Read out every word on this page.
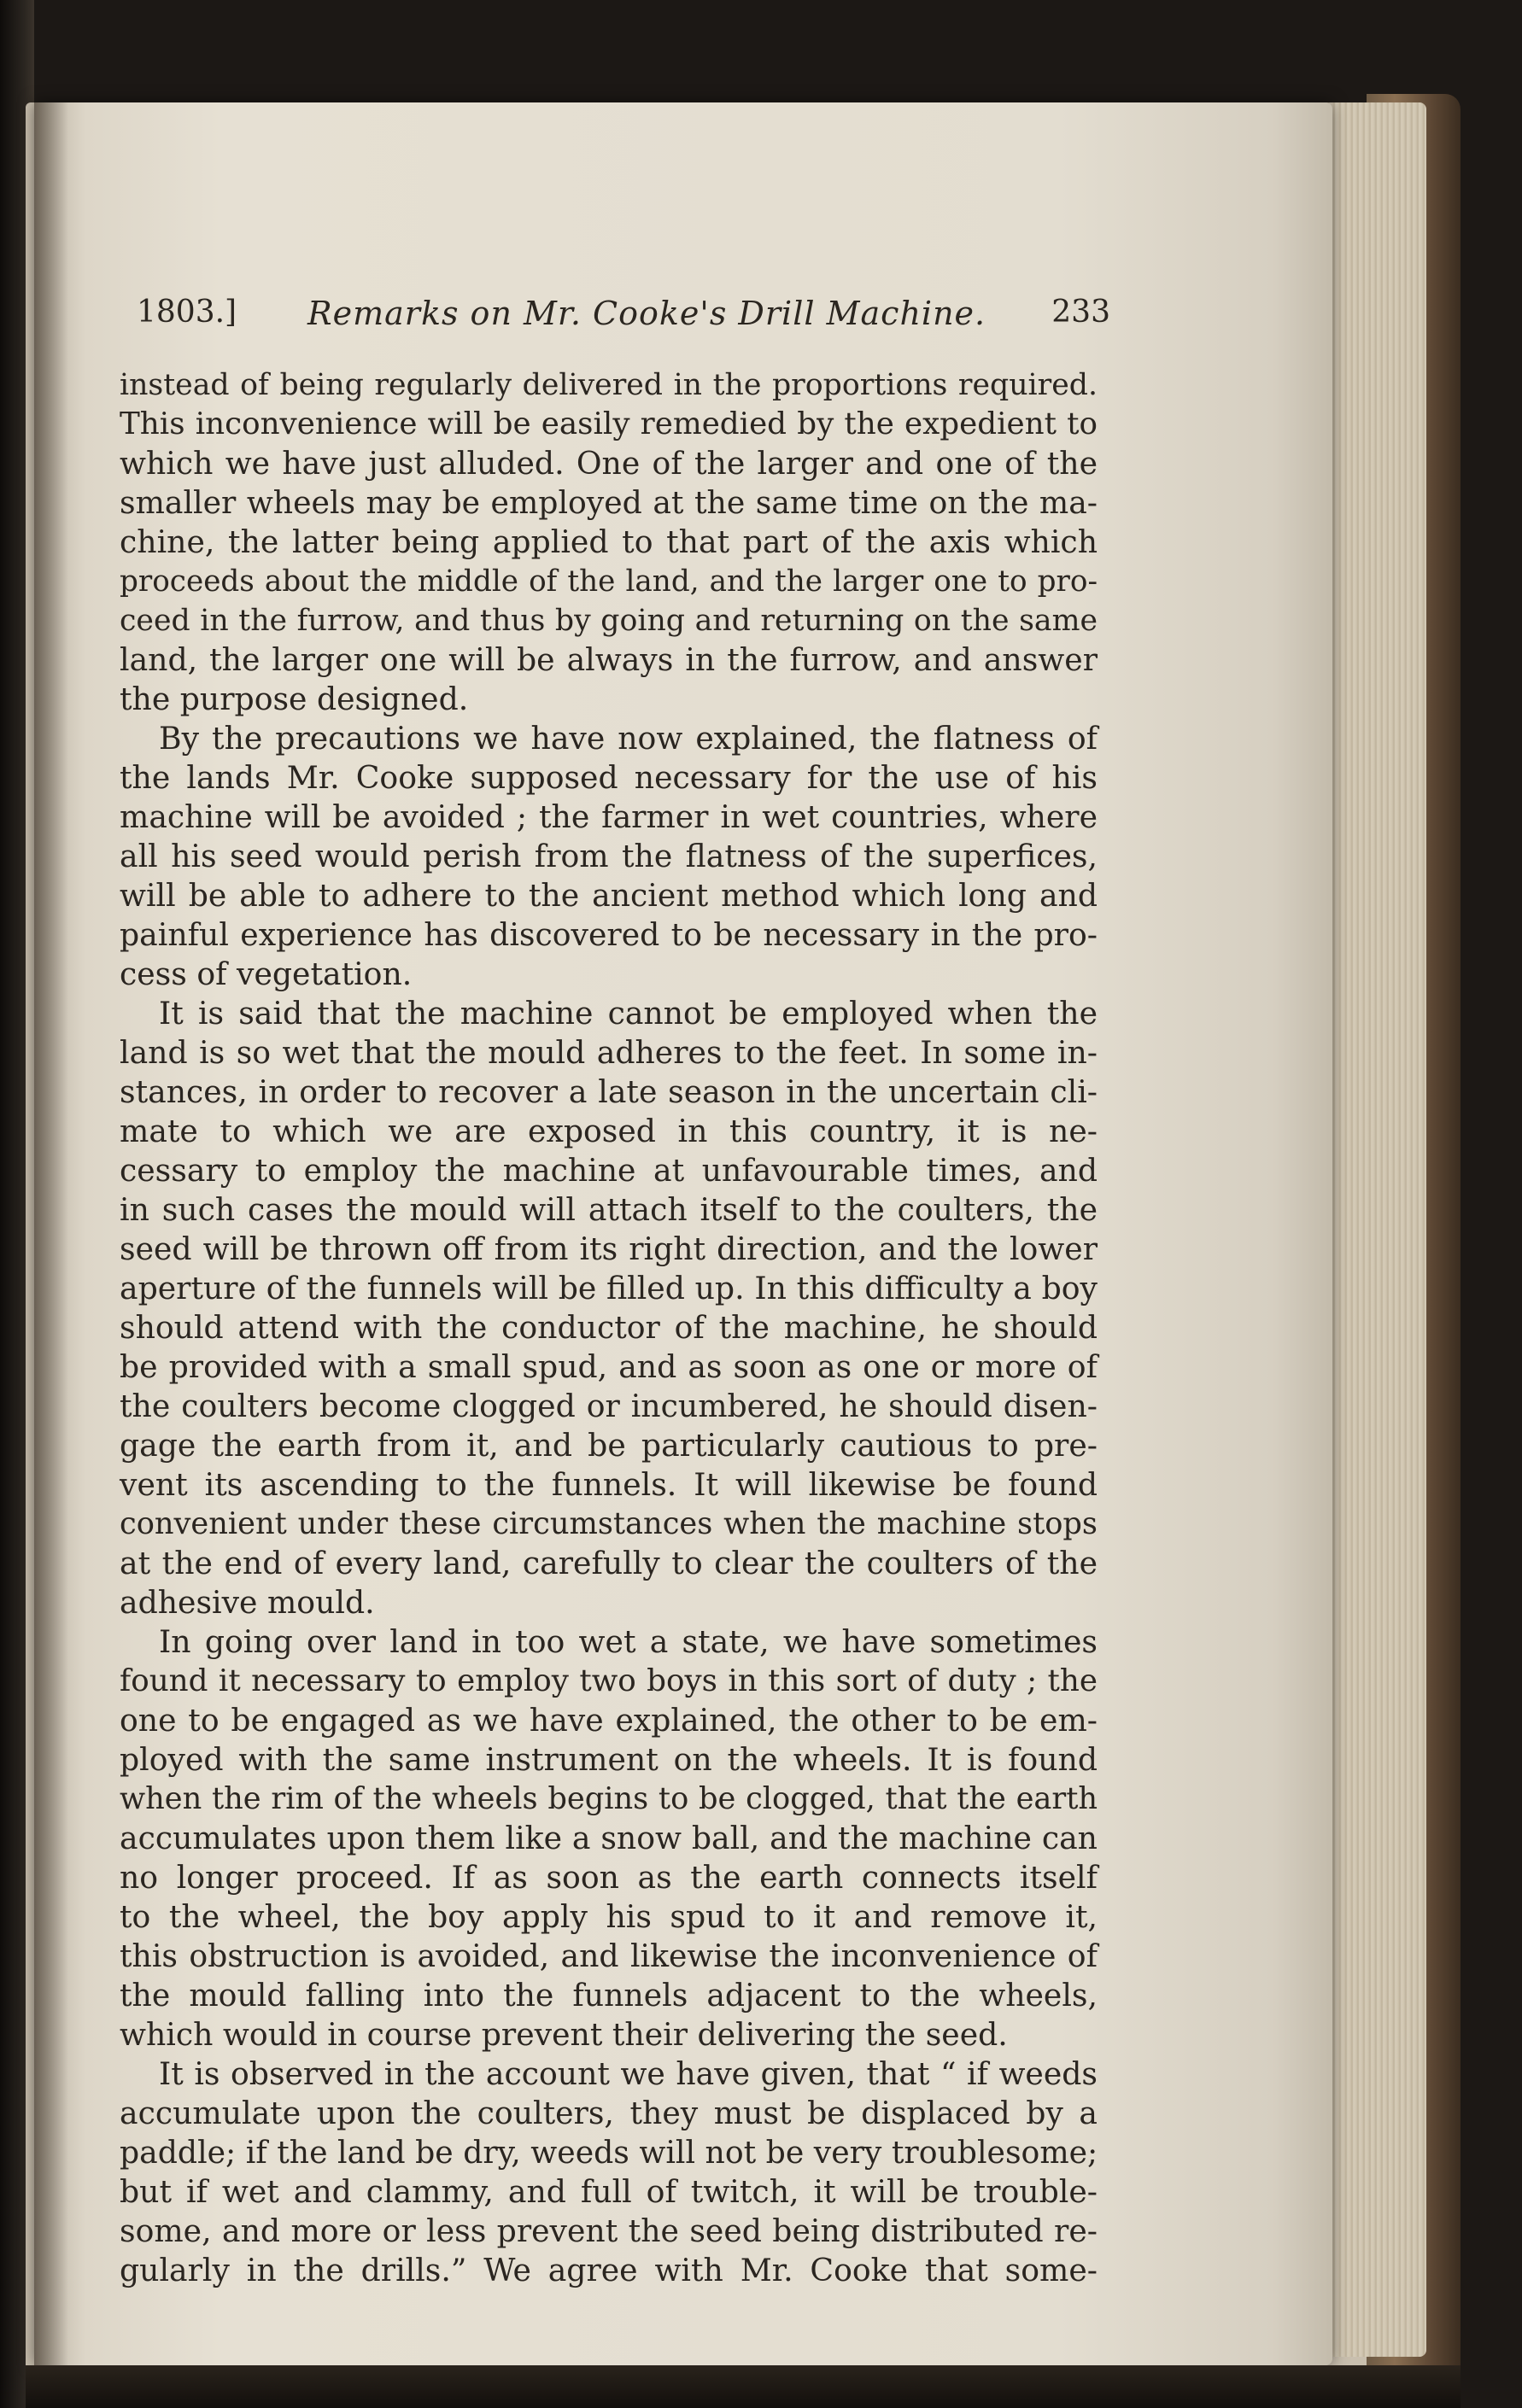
1803.] Remarks on Mr. Cooke's Drill Machine. 233
instead of being regularly delivered in the proportions required.
This inconvenience will be easily remedied by the expedient to
which we have just alluded. One of the larger and one of the
smaller wheels may be employed at the same time on the ma-
chine, the latter being applied to that part of the axis which
proceeds about the middle of the land, and the larger one to pro-
ceed in the furrow, and thus by going and returning on the same
land, the larger one will be always in the furrow, and answer
the purpose designed.
By the precautions we have now explained, the flatness of
the lands Mr. Cooke supposed necessary for the use of his
machine will be avoided ; the farmer in wet countries, where
all his seed would perish from the flatness of the superfices,
will be able to adhere to the ancient method which long and
painful experience has discovered to be necessary in the pro-
cess of vegetation.
It is said that the machine cannot be employed when the
land is so wet that the mould adheres to the feet. In some in-
stances, in order to recover a late season in the uncertain cli-
mate to which we are exposed in this country, it is ne-
cessary to employ the machine at unfavourable times, and
in such cases the mould will attach itself to the coulters, the
seed will be thrown off from its right direction, and the lower
aperture of the funnels will be filled up. In this difficulty a boy
should attend with the conductor of the machine, he should
be provided with a small spud, and as soon as one or more of
the coulters become clogged or incumbered, he should disen-
gage the earth from it, and be particularly cautious to pre-
vent its ascending to the funnels. It will likewise be found
convenient under these circumstances when the machine stops
at the end of every land, carefully to clear the coulters of the
adhesive mould.
In going over land in too wet a state, we have sometimes
found it necessary to employ two boys in this sort of duty ; the
one to be engaged as we have explained, the other to be em-
ployed with the same instrument on the wheels. It is found
when the rim of the wheels begins to be clogged, that the earth
accumulates upon them like a snow ball, and the machine can
no longer proceed. If as soon as the earth connects itself
to the wheel, the boy apply his spud to it and remove it,
this obstruction is avoided, and likewise the inconvenience of
the mould falling into the funnels adjacent to the wheels,
which would in course prevent their delivering the seed.
It is observed in the account we have given, that “ if weeds
accumulate upon the coulters, they must be displaced by a
paddle; if the land be dry, weeds will not be very troublesome;
but if wet and clammy, and full of twitch, it will be trouble-
some, and more or less prevent the seed being distributed re-
gularly in the drills.” We agree with Mr. Cooke that some-
